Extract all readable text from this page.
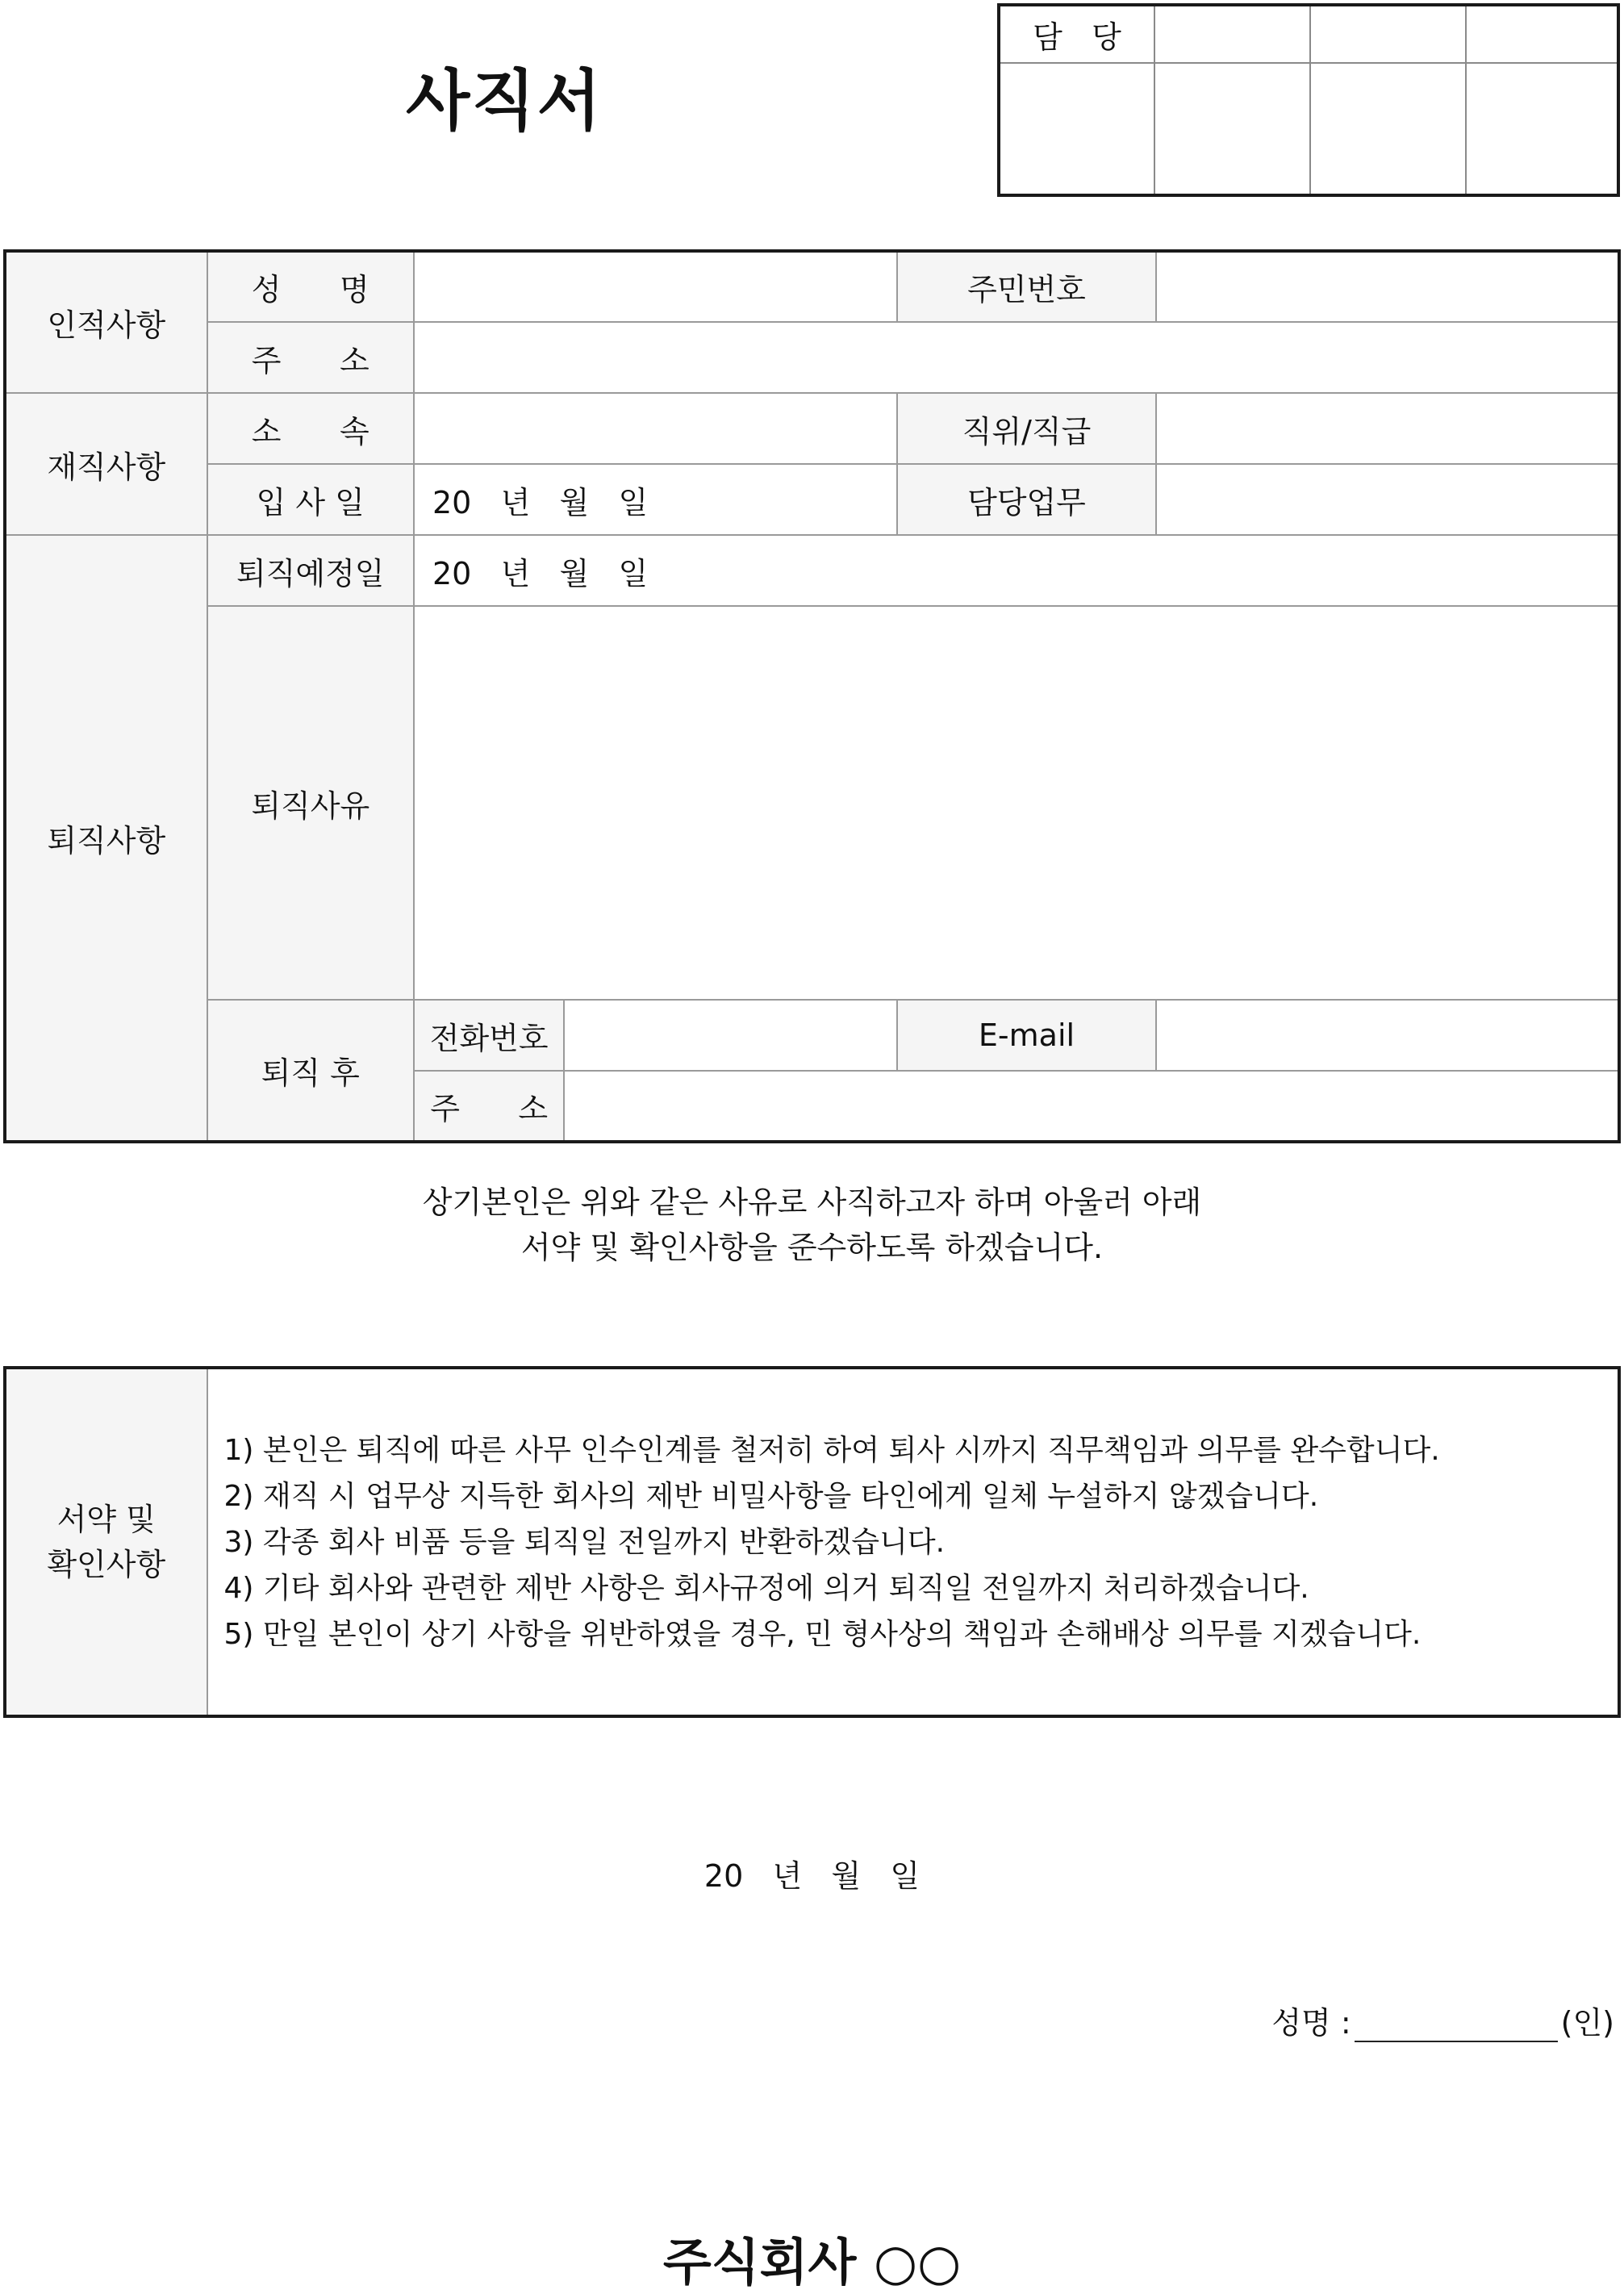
사직서
담   당			

인적사항	성      명			주민번호	
	주      소				
재직사항	소      속			직위/직급	
	입 사 일	20   년   월   일		담당업무	
퇴직사항	퇴직예정일	20   년   월   일			
	퇴직사유				
	퇴직 후	전화번호		E-mail	
		주      소			
상기본인은 위와 같은 사유로 사직하고자 하며 아울러 아래
서약 및 확인사항을 준수하도록 하겠습니다.
서약 및
확인사항

1) 본인은 퇴직에 따른 사무 인수인계를 철저히 하여 퇴사 시까지 직무책임과 의무를 완수합니다.
2) 재직 시 업무상 지득한 회사의 제반 비밀사항을 타인에게 일체 누설하지 않겠습니다.
3) 각종 회사 비품 등을 퇴직일 전일까지 반환하겠습니다.
4) 기타 회사와 관련한 제반 사항은 회사규정에 의거 퇴직일 전일까지 처리하겠습니다.
5) 만일 본인이 상기 사항을 위반하였을 경우, 민 형사상의 책임과 손해배상 의무를 지겠습니다.
20   년   월   일
성명 :	(인)
주식회사 ○○
